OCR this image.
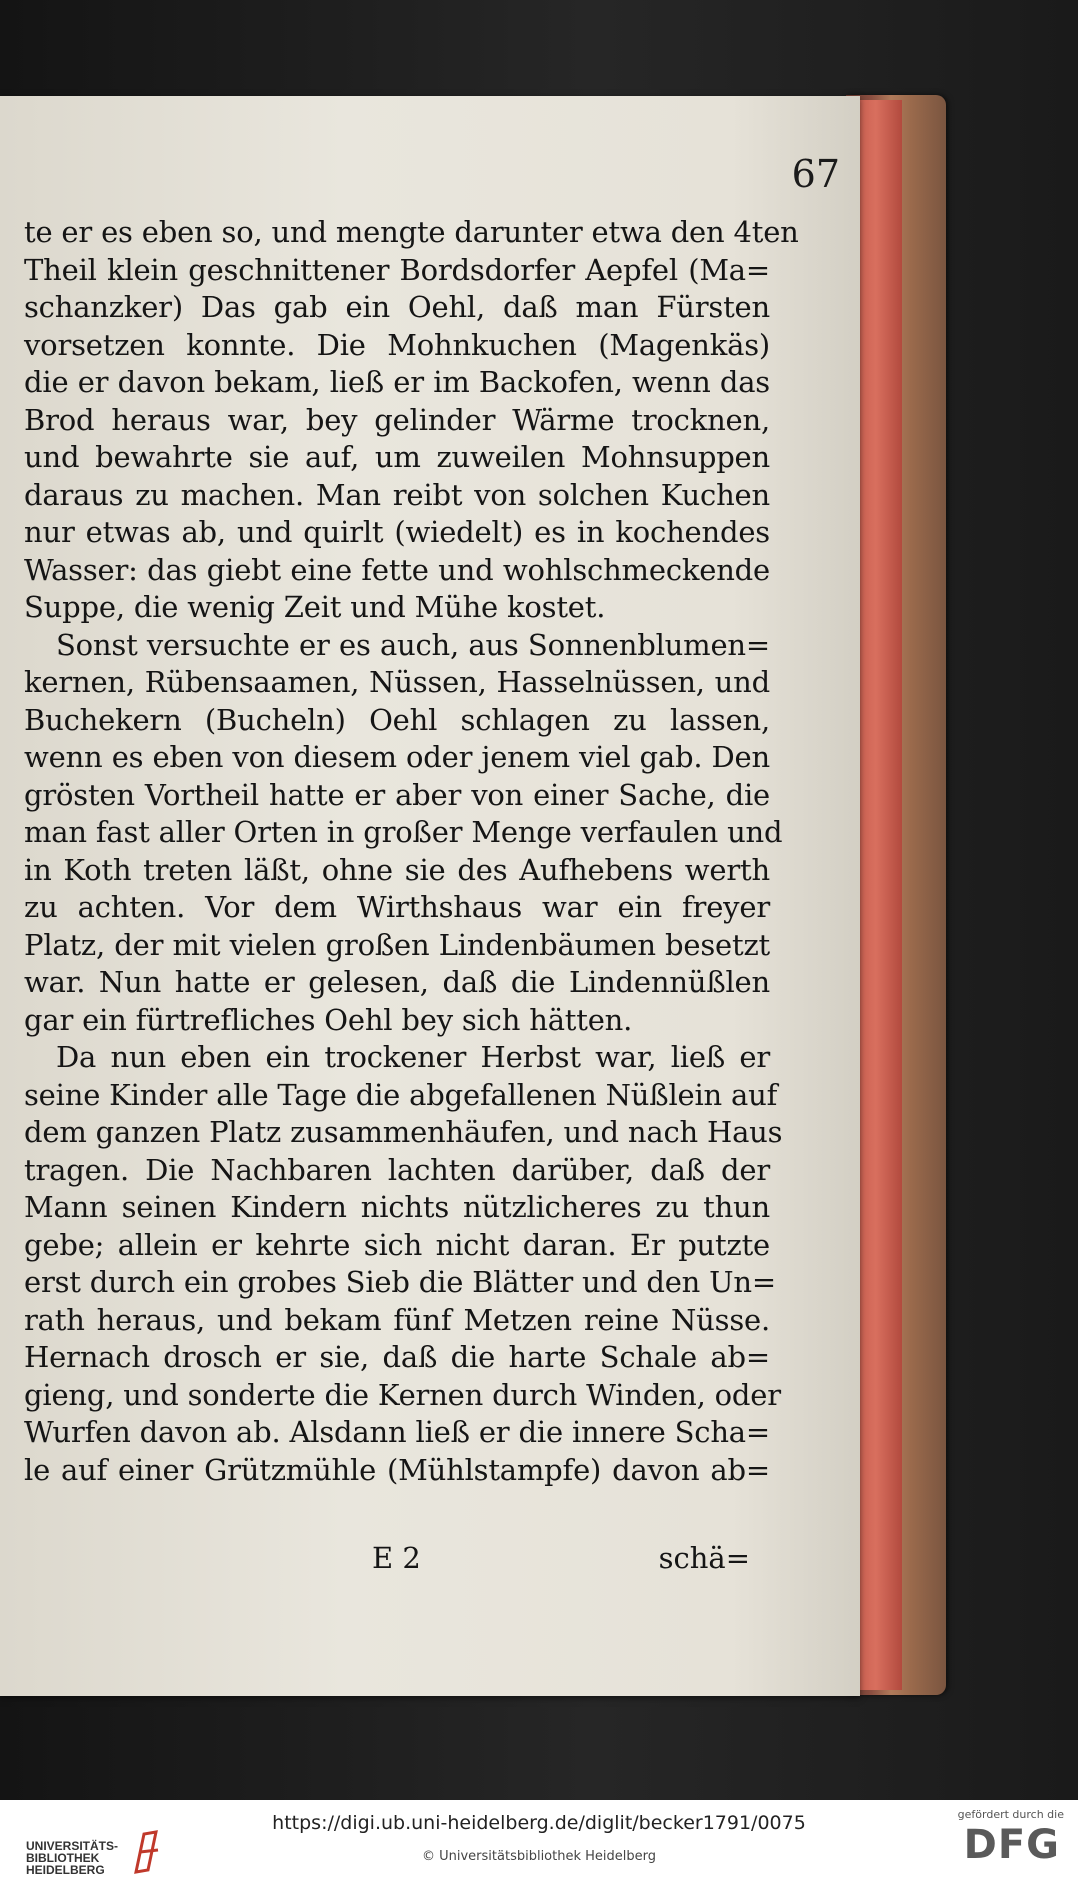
67
te er es eben so, und mengte darunter etwa den 4ten
Theil klein geschnittener Bordsdorfer Aepfel (Ma=
schanzker) Das gab ein Oehl, daß man Fürsten
vorsetzen konnte. Die Mohnkuchen (Magenkäs)
die er davon bekam, ließ er im Backofen, wenn das
Brod heraus war, bey gelinder Wärme trocknen,
und bewahrte sie auf, um zuweilen Mohnsuppen
daraus zu machen. Man reibt von solchen Kuchen
nur etwas ab, und quirlt (wiedelt) es in kochendes
Wasser: das giebt eine fette und wohlschmeckende
Suppe, die wenig Zeit und Mühe kostet.
Sonst versuchte er es auch, aus Sonnenblumen=
kernen, Rübensaamen, Nüssen, Hasselnüssen, und
Buchekern (Bucheln) Oehl schlagen zu lassen,
wenn es eben von diesem oder jenem viel gab. Den
grösten Vortheil hatte er aber von einer Sache, die
man fast aller Orten in großer Menge verfaulen und
in Koth treten läßt, ohne sie des Aufhebens werth
zu achten. Vor dem Wirthshaus war ein freyer
Platz, der mit vielen großen Lindenbäumen besetzt
war. Nun hatte er gelesen, daß die Lindennüßlen
gar ein fürtrefliches Oehl bey sich hätten.
Da nun eben ein trockener Herbst war, ließ er
seine Kinder alle Tage die abgefallenen Nüßlein auf
dem ganzen Platz zusammenhäufen, und nach Haus
tragen. Die Nachbaren lachten darüber, daß der
Mann seinen Kindern nichts nützlicheres zu thun
gebe; allein er kehrte sich nicht daran. Er putzte
erst durch ein grobes Sieb die Blätter und den Un=
rath heraus, und bekam fünf Metzen reine Nüsse.
Hernach drosch er sie, daß die harte Schale ab=
gieng, und sonderte die Kernen durch Winden, oder
Wurfen davon ab. Alsdann ließ er die innere Scha=
le auf einer Grützmühle (Mühlstampfe) davon ab=
E 2	schä=
UNIVERSITÄTS-
BIBLIOTHEK
HEIDELBERG
https://digi.ub.uni-heidelberg.de/diglit/becker1791/0075
© Universitätsbibliothek Heidelberg
gefördert durch die
DFG
